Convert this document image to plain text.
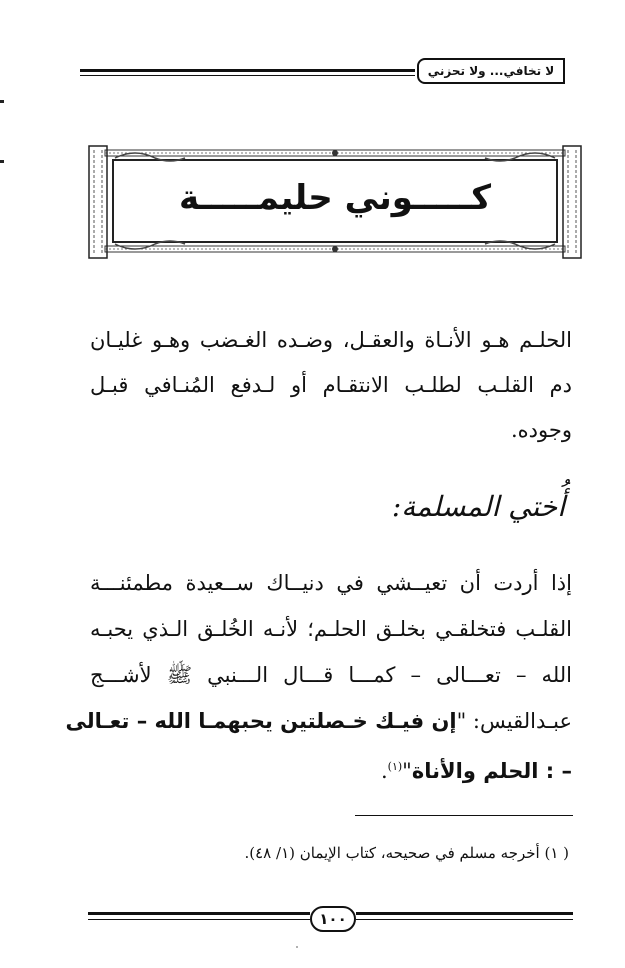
لا تخافي... ولا تحزني
كـــــوني حليمـــــة
الحلـم هـو الأنـاة والعقـل، وضـده الغـضب وهـو غليـان دم القلـب لطلـب الانتقـام أو لـدفع المُنـافي قبـل وجوده.
أُختي المسلمة:
إذا أردت أن تعيــشي في دنيــاك ســعيدة مطمئنـــة
القلـب فتخلقـي بخلـق الحلـم؛ لأنـه الخُلـق الـذي يحبـه
الله – تعـــالى – كمـــا قـــال الـــنبي ﷺ لأشـــج
عبـدالقيس: "إن فيـك خـصلتين يحبهمـا الله – تعـالى
– : الحلم والأناة"$^{(١)}$.
( ١) أخرجه مسلم في صحيحه، كتاب الإيمان (١/ ٤٨).
١٠٠
